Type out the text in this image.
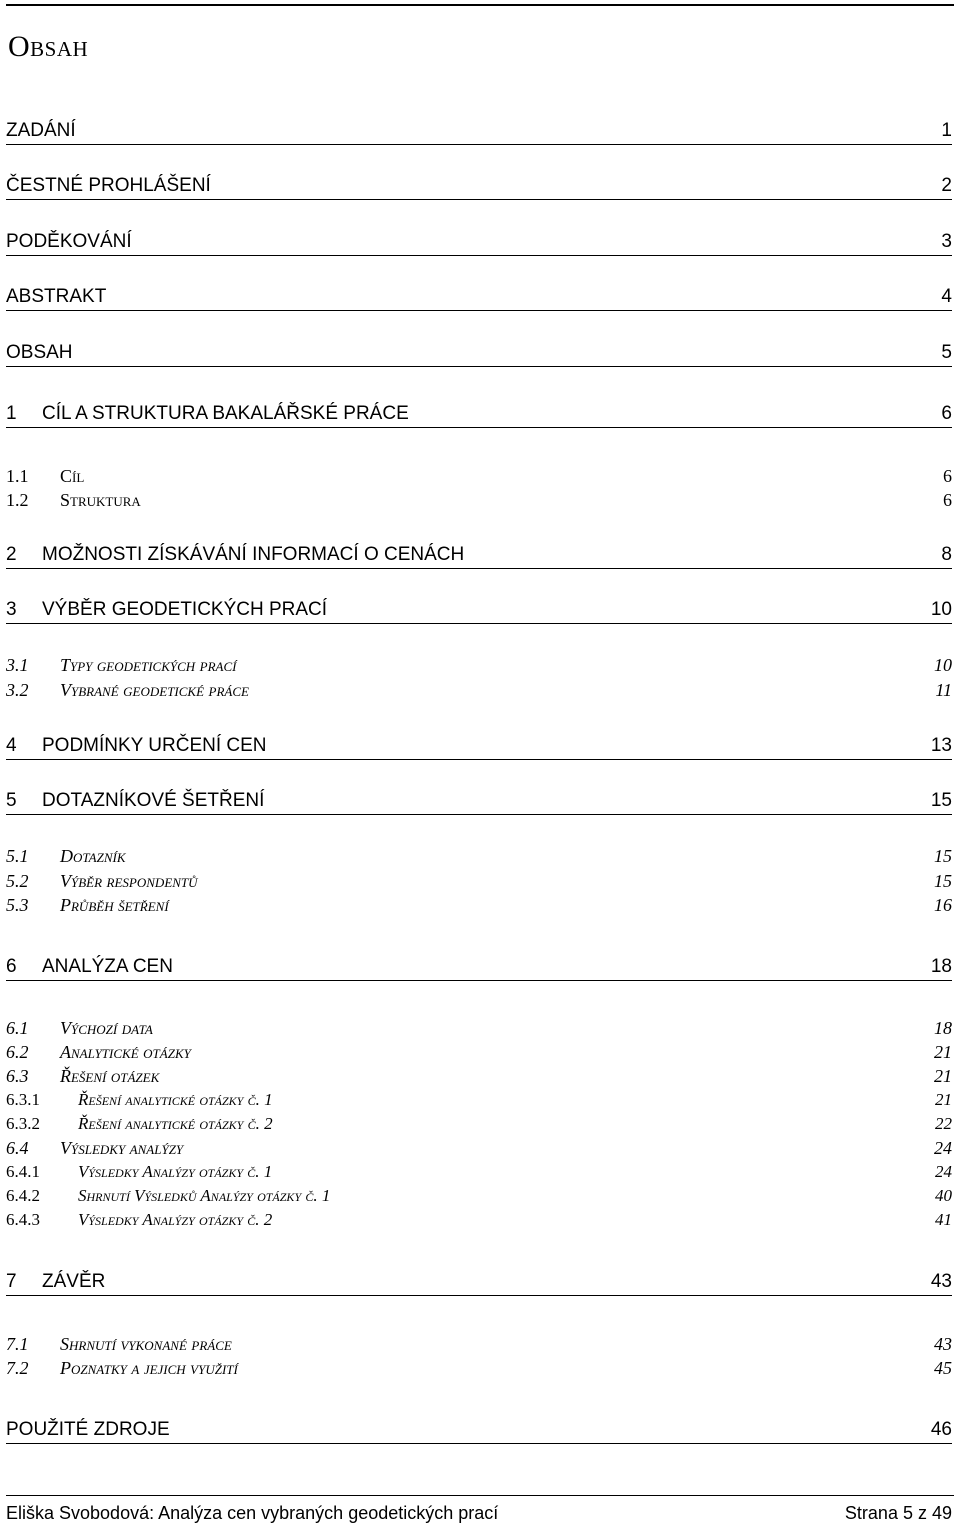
Obsah
ZADÁNÍ	1
ČESTNÉ PROHLÁŠENÍ	2
PODĚKOVÁNÍ	3
ABSTRAKT	4
OBSAH	5
1 CÍL A STRUKTURA BAKALÁŘSKÉ PRÁCE	6
1.1 Cíl	6
1.2 Struktura	6
2 MOŽNOSTI ZÍSKÁVÁNÍ INFORMACÍ O CENÁCH	8
3 VÝBĚR GEODETICKÝCH PRACÍ	10
3.1 Typy geodetických prací	10
3.2 Vybrané geodetické práce	11
4 PODMÍNKY URČENÍ CEN	13
5 DOTAZNÍKOVÉ ŠETŘENÍ	15
5.1 Dotazník	15
5.2 Výběr respondentů	15
5.3 Průběh šetření	16
6 ANALÝZA CEN	18
6.1 Výchozí data	18
6.2 Analytické otázky	21
6.3 Řešení otázek	21
6.3.1 Řešení analytické otázky č. 1	21
6.3.2 Řešení analytické otázky č. 2	22
6.4 Výsledky analýzy	24
6.4.1 Výsledky Analýzy otázky č. 1	24
6.4.2 Shrnutí Výsledků Analýzy otázky č. 1	40
6.4.3 Výsledky Analýzy otázky č. 2	41
7 ZÁVĚR	43
7.1 Shrnutí vykonané práce	43
7.2 Poznatky a jejich využití	45
POUŽITÉ ZDROJE	46
Eliška Svobodová: Analýza cen vybraných geodetických prací	Strana 5 z 49
